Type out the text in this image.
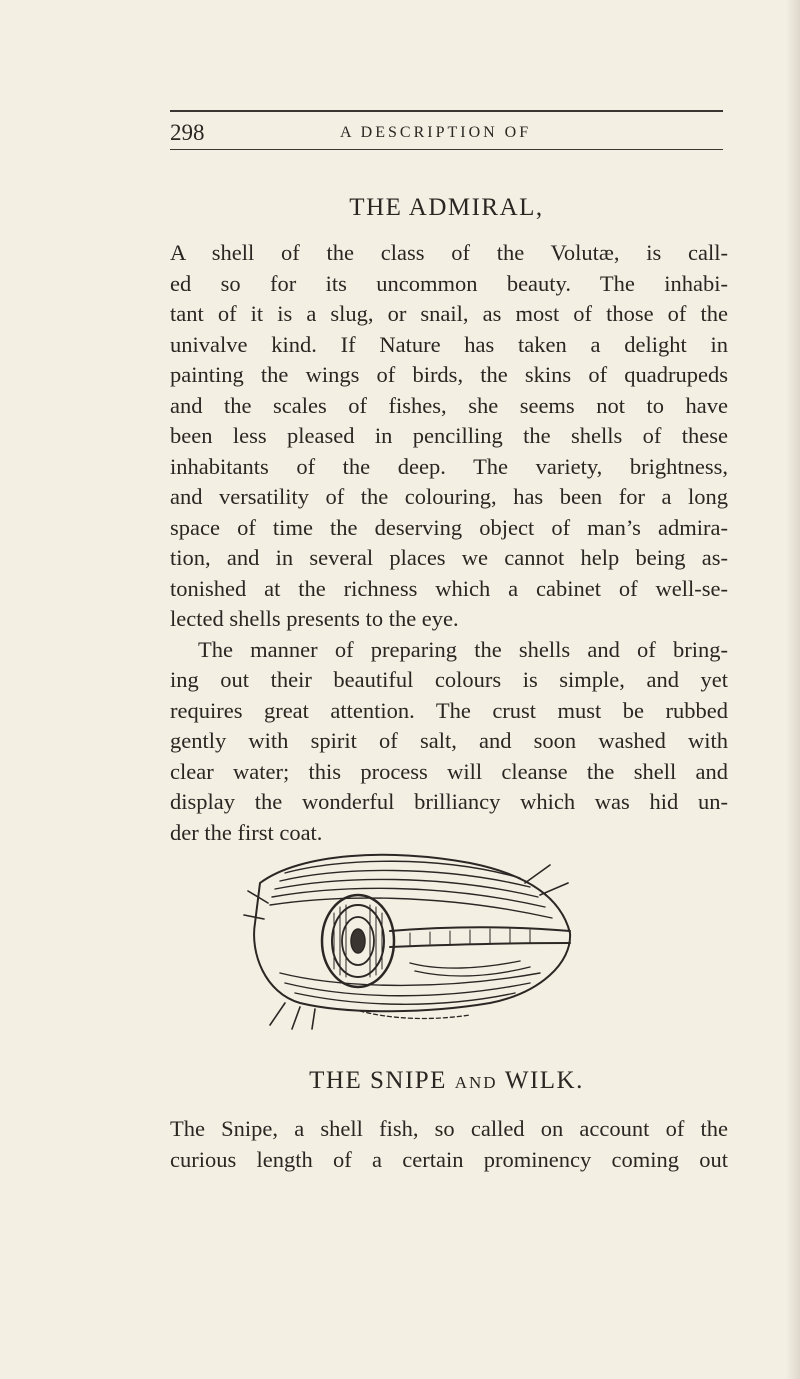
298	A DESCRIPTION OF
THE ADMIRAL,

A shell of the class of the Volutæ, is call-
ed so for its uncommon beauty. The inhabi-
tant of it is a slug, or snail, as most of those of the
univalve kind. If Nature has taken a delight in
painting the wings of birds, the skins of quadrupeds
and the scales of fishes, she seems not to have
been less pleased in pencilling the shells of these
inhabitants of the deep. The variety, brightness,
and versatility of the colouring, has been for a long
space of time the deserving object of man’s admira-
tion, and in several places we cannot help being as-
tonished at the richness which a cabinet of well-se-
lected shells presents to the eye.
The manner of preparing the shells and of bring-
ing out their beautiful colours is simple, and yet
requires great attention. The crust must be rubbed
gently with spirit of salt, and soon washed with
clear water; this process will cleanse the shell and
display the wonderful brilliancy which was hid un-
der the first coat.

THE SNIPE AND WILK.

The Snipe, a shell fish, so called on account of the
curious length of a certain prominency coming out
